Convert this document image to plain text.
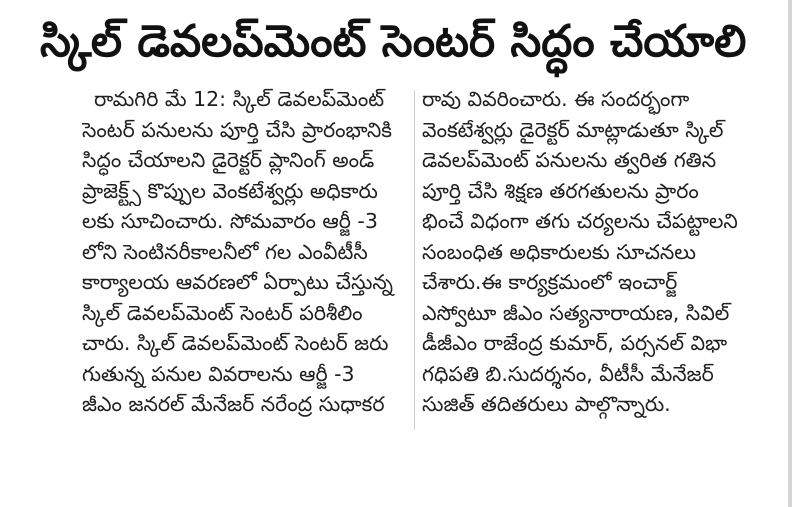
స్కిల్ డెవలప్‌మెంట్ సెంటర్ సిద్ధం చేయాలి
రామగిరి మే 12: స్కిల్ డెవలప్‌మెంట్
సెంటర్ పనులను పూర్తి చేసి ప్రారంభానికి
సిద్ధం చేయాలని డైరెక్టర్ ప్లానింగ్ అండ్
ప్రాజెక్ట్స్ కొప్పుల వెంకటేశ్వర్లు అధికారు
లకు సూచించారు. సోమవారం ఆర్జీ -3
లోని సెంటినరీకాలనీలో గల ఎంవీటీసీ
కార్యాలయ ఆవరణలో ఏర్పాటు చేస్తున్న
స్కిల్ డెవలప్‌మెంట్ సెంటర్ పరిశీలిం
చారు. స్కిల్ డెవలప్‌మెంట్ సెంటర్ జరు
గుతున్న పనుల వివరాలను ఆర్జీ -3
జీఎం జనరల్ మేనేజర్ నరేంద్ర సుధాకర
రావు వివరించారు. ఈ సందర్భంగా
వెంకటేశ్వర్లు డైరెక్టర్ మాట్లాడుతూ స్కిల్
డెవలప్‌మెంట్ పనులను త్వరిత గతిన
పూర్తి చేసి శిక్షణ తరగతులను ప్రారం
భించే విధంగా తగు చర్యలను చేపట్టాలని
సంబంధిత అధికారులకు సూచనలు
చేశారు.ఈ కార్యక్రమంలో ఇంచార్జ్
ఎస్వోటూ జీఎం సత్యనారాయణ, సివిల్
డీజీఎం రాజేంద్ర కుమార్, పర్సనల్ విభా
గధిపతి బి.సుదర్శనం, వీటీసీ మేనేజర్
సుజిత్ తదితరులు పాల్గొన్నారు.
